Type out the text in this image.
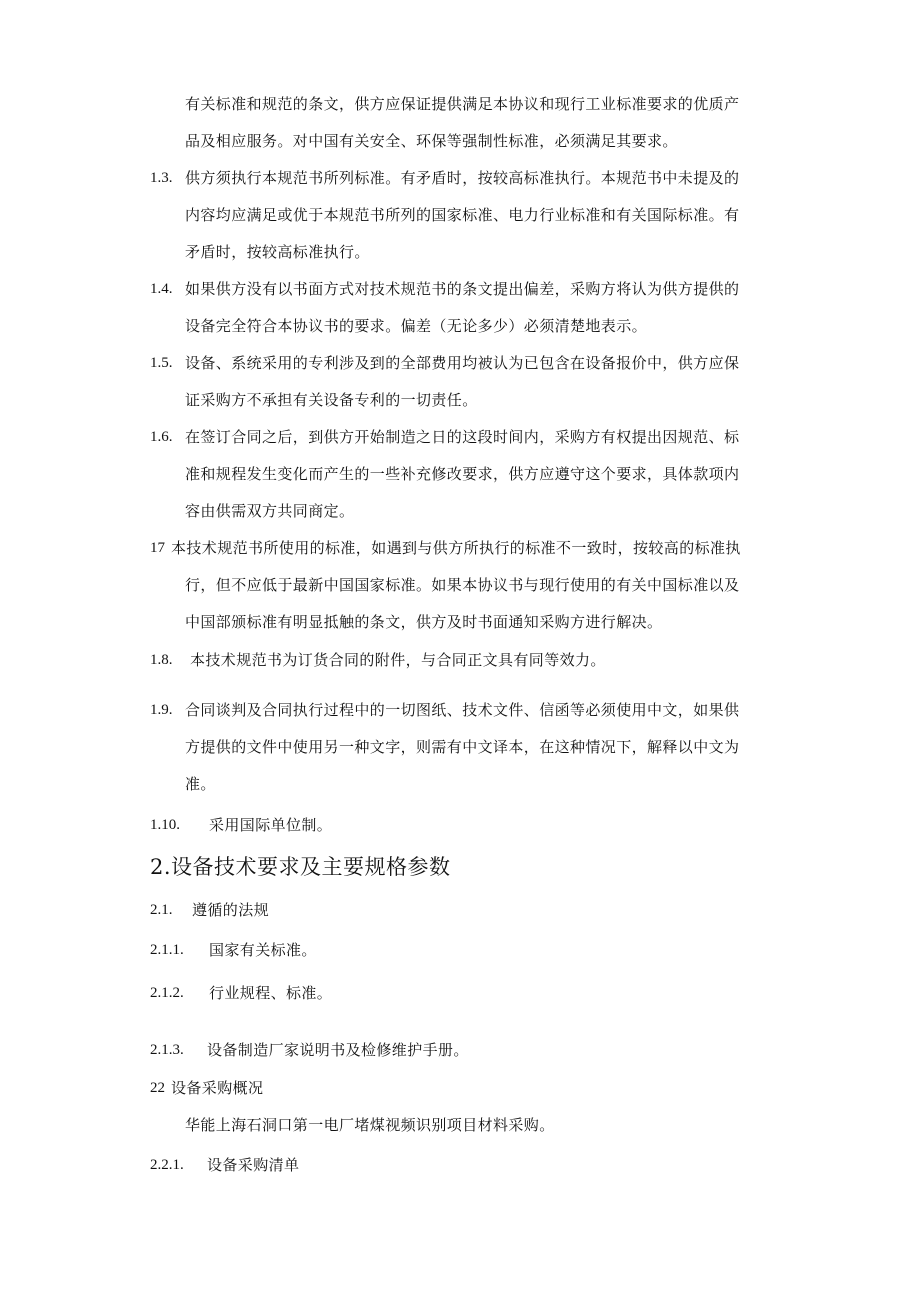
有关标准和规范的条文，供方应保证提供满足本协议和现行工业标准要求的优质产
品及相应服务。对中国有关安全、环保等强制性标准，必须满足其要求。
1.3. 供方须执行本规范书所列标准。有矛盾时，按较高标准执行。本规范书中未提及的
内容均应满足或优于本规范书所列的国家标准、电力行业标准和有关国际标准。有
矛盾时，按较高标准执行。
1.4. 如果供方没有以书面方式对技术规范书的条文提出偏差，采购方将认为供方提供的
设备完全符合本协议书的要求。偏差（无论多少）必须清楚地表示。
1.5. 设备、系统采用的专利涉及到的全部费用均被认为已包含在设备报价中，供方应保
证采购方不承担有关设备专利的一切责任。
1.6. 在签订合同之后，到供方开始制造之日的这段时间内，采购方有权提出因规范、标
准和规程发生变化而产生的一些补充修改要求，供方应遵守这个要求，具体款项内
容由供需双方共同商定。
17 本技术规范书所使用的标准，如遇到与供方所执行的标准不一致时，按较高的标准执
行，但不应低于最新中国国家标准。如果本协议书与现行使用的有关中国标准以及
中国部颁标准有明显抵触的条文，供方及时书面通知采购方进行解决。
1.8. 本技术规范书为订货合同的附件，与合同正文具有同等效力。
1.9. 合同谈判及合同执行过程中的一切图纸、技术文件、信函等必须使用中文，如果供
方提供的文件中使用另一种文字，则需有中文译本，在这种情况下，解释以中文为
准。
1.10. 采用国际单位制。
2.设备技术要求及主要规格参数
2.1. 遵循的法规
2.1.1. 国家有关标准。
2.1.2. 行业规程、标准。
2.1.3. 设备制造厂家说明书及检修维护手册。
22 设备采购概况
华能上海石洞口第一电厂堵煤视频识别项目材料采购。
2.2.1. 设备采购清单
